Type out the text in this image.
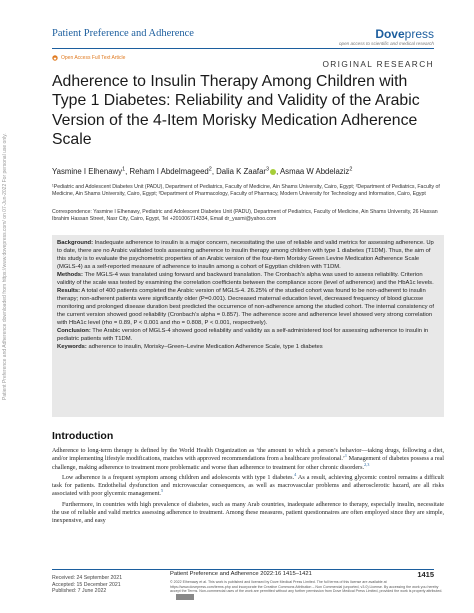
Patient Preference and Adherence	Dovepress
open access to scientific and medical research
Open Access Full Text Article
ORIGINAL RESEARCH
Adherence to Insulin Therapy Among Children with Type 1 Diabetes: Reliability and Validity of the Arabic Version of the 4-Item Morisky Medication Adherence Scale
Yasmine I Elhenawy$^1$, Reham I Abdelmageed$^2$, Dalia K Zaafar$^3$ , Asmaa W Abdelaziz$^2$
¹Pediatric and Adolescent Diabetes Unit (PADU), Department of Pediatrics, Faculty of Medicine, Ain Shams University, Cairo, Egypt; ²Department of Pediatrics, Faculty of Medicine, Ain Shams University, Cairo, Egypt; ³Department of Pharmacology, Faculty of Pharmacy, Modern University for Technology and Information, Cairo, Egypt
Correspondence: Yasmine I Elhenawy, Pediatric and Adolescent Diabetes Unit (PADU), Department of Pediatrics, Faculty of Medicine, Ain Shams University, 26 Hassan Ibrahim Hassan Street, Nasr City, Cairo, Egypt, Tel +201006714334, Email dr_yasmi@yahoo.com

Background: Inadequate adherence to insulin is a major concern, necessitating the use of reliable and valid metrics for assessing adherence. Up to date, there are no Arabic validated tools assessing adherence to insulin therapy among children with type 1 diabetes (T1DM). Thus, the aim of this study is to evaluate the psychometric properties of an Arabic version of the four-item Morisky Green Levine Medication Adherence Scale (MGLS-4) as a self-reported measure of adherence to insulin among a cohort of Egyptian children with T1DM.

Methods: The MGLS-4 was translated using forward and backward translation. The Cronbach’s alpha was used to assess reliability. Criterion validity of the scale was tested by examining the correlation coefficients between the compliance score (level of adherence) and the HbA1c levels.

Results: A total of 400 patients completed the Arabic version of MGLS-4. 26.25% of the studied cohort was found to be non-adherent to insulin therapy; non-adherent patients were significantly older (P=0.001). Decreased maternal education level, decreased frequency of blood glucose monitoring and prolonged disease duration best predicted the occurrence of non-adherence among the studied cohort. The internal consistency of the current version showed good reliability (Cronbach’s alpha = 0.857). The adherence score and adherence level showed very strong correlation with HbA1c level (rho = 0.89, P < 0.001 and rho = 0.808, P < 0.001, respectively).

Conclusion: The Arabic version of MGLS-4 showed good reliability and validity as a self-administered tool for assessing adherence to insulin in pediatric patients with T1DM.

Keywords: adherence to insulin, Morisky–Green–Levine Medication Adherence Scale, type 1 diabetes

Introduction

Adherence to long-term therapy is defined by the World Health Organization as ‘the amount to which a person’s behavior—taking drugs, following a diet, and/or implementing lifestyle modifications, matches with approved recommendations from a healthcare professional.’$^1$ Management of diabetes possess a real challenge, making adherence to treatment more problematic and worse than adherence to treatment for other chronic disorders.$^{2,3}$

Low adherence is a frequent symptom among children and adolescents with type 1 diabetes.$^4$ As a result, achieving glycemic control remains a difficult task for patients. Endothelial dysfunction and microvascular consequences, as well as macrovascular problems and atherosclerotic hazard, are all risks associated with poor glycemic management.$^5$

Furthermore, in countries with high prevalence of diabetes, such as many Arab countries, inadequate adherence to therapy, especially insulin, necessitate the use of reliable and valid metrics assessing adherence to treatment. Among these measures, patient questionnaires are often employed since they are simple, inexpensive, and easy

Patient Preference and Adherence downloaded from https://www.dovepress.com/ on 07-Jun-2022 For personal use only.
Received: 24 September 2021
Accepted: 15 December 2021
Published: 7 June 2022
Patient Preference and Adherence 2022:16 1415–1421	1415
© 2022 Elhenawy et al. This work is published and licensed by Dove Medical Press Limited. The full terms of this license are available at https://www.dovepress.com/terms.php and incorporate the Creative Commons Attribution – Non Commercial (unported, v3.0) License. By accessing the work you hereby accept the Terms. Non-commercial uses of the work are permitted without any further permission from Dove Medical Press Limited, provided the work is properly attributed.
